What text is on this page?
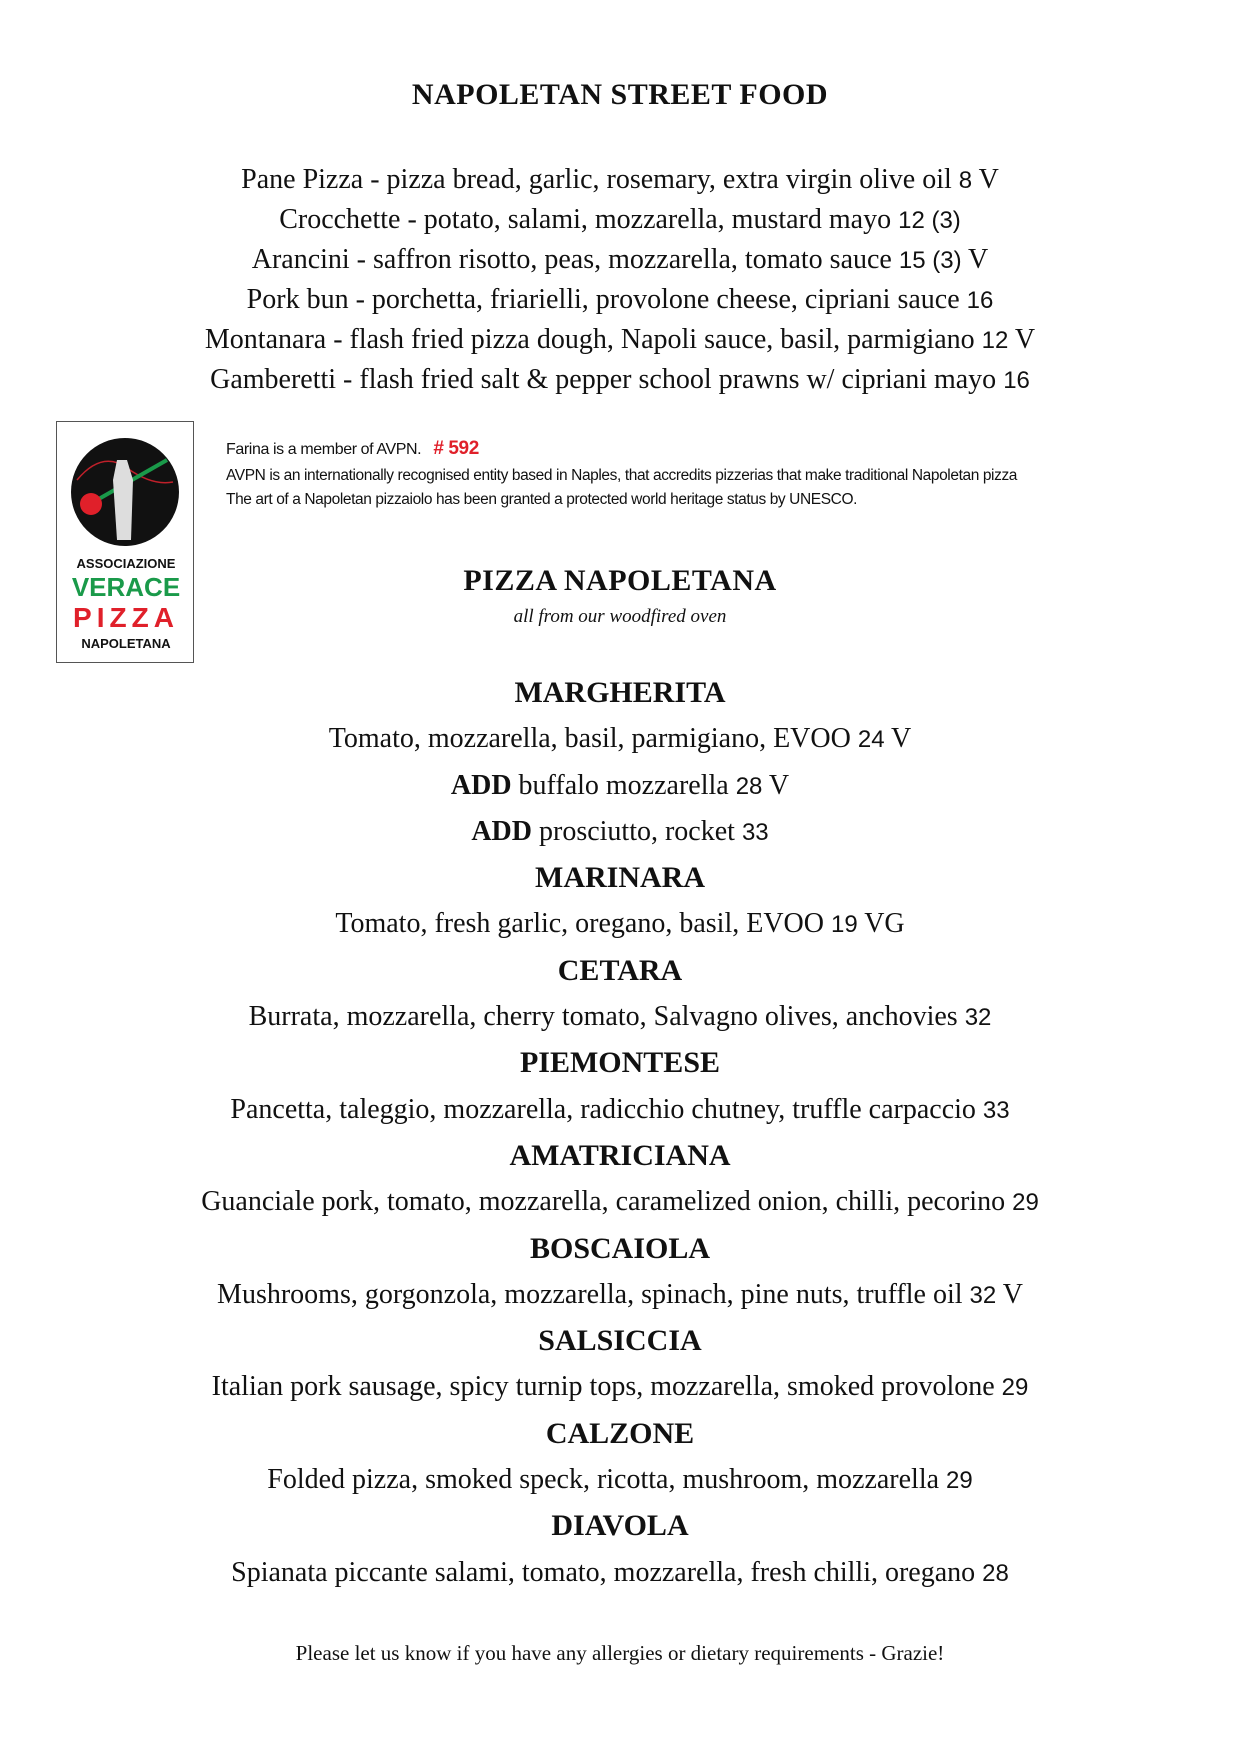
NAPOLETAN STREET FOOD
Pane Pizza - pizza bread, garlic, rosemary, extra virgin olive oil 8 V
Crocchette - potato, salami, mozzarella, mustard mayo 12 (3)
Arancini - saffron risotto, peas, mozzarella, tomato sauce 15 (3) V
Pork bun - porchetta, friarielli, provolone cheese, cipriani sauce 16
Montanara - flash fried pizza dough, Napoli sauce, basil, parmigiano 12 V
Gamberetti - flash fried salt & pepper school prawns w/ cipriani mayo 16
ASSOCIAZIONE
VERACE
PIZZA
NAPOLETANA
Farina is a member of AVPN. # 592
AVPN is an internationally recognised entity based in Naples, that accredits pizzerias that make traditional Napoletan pizza
The art of a Napoletan pizzaiolo has been granted a protected world heritage status by UNESCO.
PIZZA NAPOLETANA
all from our woodfired oven
MARGHERITA
Tomato, mozzarella, basil, parmigiano, EVOO 24 V
ADD buffalo mozzarella 28 V
ADD prosciutto, rocket 33
MARINARA
Tomato, fresh garlic, oregano, basil, EVOO 19 VG
CETARA
Burrata, mozzarella, cherry tomato, Salvagno olives, anchovies 32
PIEMONTESE
Pancetta, taleggio, mozzarella, radicchio chutney, truffle carpaccio 33
AMATRICIANA
Guanciale pork, tomato, mozzarella, caramelized onion, chilli, pecorino 29
BOSCAIOLA
Mushrooms, gorgonzola, mozzarella, spinach, pine nuts, truffle oil 32 V
SALSICCIA
Italian pork sausage, spicy turnip tops, mozzarella, smoked provolone 29
CALZONE
Folded pizza, smoked speck, ricotta, mushroom, mozzarella 29
DIAVOLA
Spianata piccante salami, tomato, mozzarella, fresh chilli, oregano 28
Please let us know if you have any allergies or dietary requirements - Grazie!
